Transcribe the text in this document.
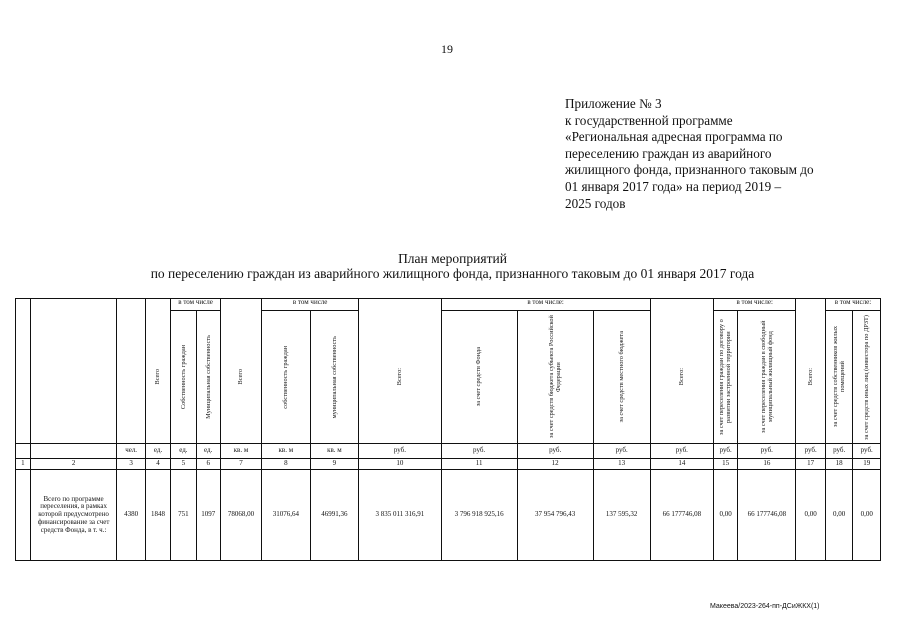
19
Приложение № 3
к государственной программе
«Региональная адресная программа по
переселению граждан из аварийного
жилищного фонда, признанного таковым до
01 января 2017 года» на период 2019 –
2025 годов
План мероприятий
по переселению граждан из аварийного жилищного фонда, признанного таковым до 01 января 2017 года

				в том числе			в том числе			в том числе:				в том числе:			в том числе:	

			Всего	Собственность граждан	Муниципальная собственность	Всего	собственность граждан	муниципальная собственность	Всего:	за счет средств Фонда	за счет средств бюджета субъекта Российской Федерации	за счет средств местного бюджета	Всего:	за счет переселения граждан по договору о развитии застроенной территории	за счет переселения граждан в свободный муниципальный жилищный фонд	Всего:	за счет средств собственников жилых помещений	за счет средств иных лиц (инвестора по ДРЗТ)

		чел.	ед.	ед.	ед.	кв. м	кв. м	кв. м	руб.	руб.	руб.	руб.	руб.	руб.	руб.	руб.	руб.	руб.
1	2	3	4	5	6	7	8	9	10	11	12	13	14	15	16	17	18	19
	Всего по программе переселения, в рамках которой предусмотрено финансирование за счет средств Фонда, в т. ч.:	4380	1848	751	1097	78068,00	31076,64	46991,36	3 835 011 316,91	3 796 918 925,16	37 954 796,43	137 595,32	66 177746,08	0,00	66 177746,08	0,00	0,00	0,00
Макеева/2023-264-пп-ДСиЖКХ(1)
